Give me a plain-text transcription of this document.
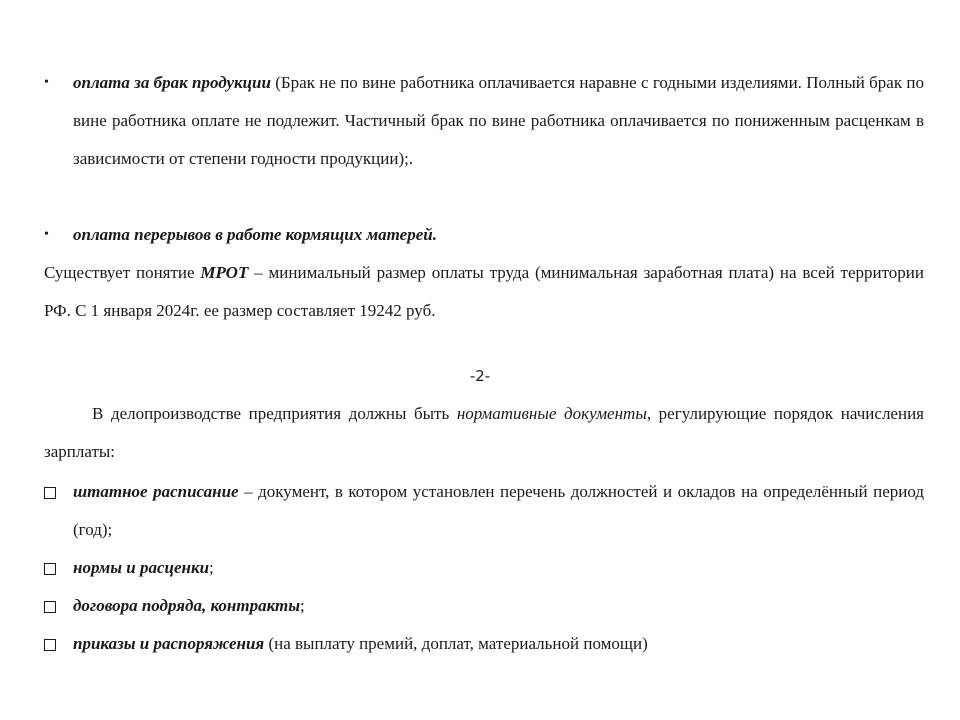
•	оплата за брак продукции (Брак не по вине работника оплачивается наравне с годными изделиями. Полный брак по вине работника оплате не подлежит. Частичный брак по вине работника оплачивается по пониженным расценкам в зависимости от степени годности продукции);.
•	оплата перерывов в работе кормящих матерей.
Существует понятие МРОТ – минимальный размер оплаты труда (минимальная заработная плата) на всей территории РФ. С 1 января 2024г. ее размер составляет 19242 руб.
-2-
В делопроизводстве предприятия должны быть нормативные документы, регулирующие порядок начисления зарплаты:
штатное расписание – документ, в котором установлен перечень должностей и окладов на определённый период (год);
нормы и расценки;
договора подряда, контракты;
приказы и распоряжения (на выплату премий, доплат, материальной помощи)
